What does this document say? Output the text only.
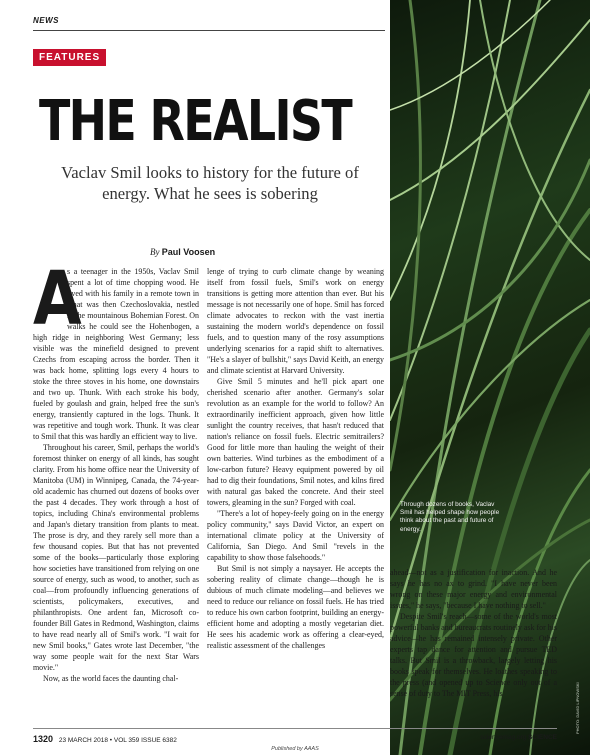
Through dozens of books, Vaclav Smil has helped shape how people think about the past and future of energy.
PHOTO: DAVID LIPNOWSKI
NEWS
FEATURES
THE REALIST
Vaclav Smil looks to history for the future of energy. What he sees is sobering
By Paul Voosen

A
s a teenager in the 1950s, Vaclav Smil spent a lot of time chopping wood. He lived with his family in a remote town in what was then Czechoslovakia, nestled in the mountainous Bohemian Forest. On walks he could see the Hohenbogen, a high ridge in neighboring West Germany; less visible was the minefield designed to prevent Czechs from escaping across the border. Then it was back home, splitting logs every 4 hours to stoke the three stoves in his home, one downstairs and two up. Thunk. With each stroke his body, fueled by goulash and grain, helped free the sun's energy, transiently captured in the logs. Thunk. It was repetitive and tough work. Thunk. It was clear to Smil that this was hardly an efficient way to live.

Throughout his career, Smil, perhaps the world's foremost thinker on energy of all kinds, has sought clarity. From his home office near the University of Manitoba (UM) in Winnipeg, Canada, the 74-year-old academic has churned out dozens of books over the past 4 decades. They work through a host of topics, including China's environmental problems and Japan's dietary transition from plants to meat. The prose is dry, and they rarely sell more than a few thousand copies. But that has not prevented some of the books—particularly those exploring how societies have transitioned from relying on one source of energy, such as wood, to another, such as coal—from profoundly influencing generations of scientists, policymakers, executives, and philanthropists. One ardent fan, Microsoft co-founder Bill Gates in Redmond, Washington, claims to have read nearly all of Smil's work. "I wait for new Smil books," Gates wrote last December, "the way some people wait for the next Star Wars movie."

Now, as the world faces the daunting chal-

lenge of trying to curb climate change by weaning itself from fossil fuels, Smil's work on energy transitions is getting more attention than ever. But his message is not necessarily one of hope. Smil has forced climate advocates to reckon with the vast inertia sustaining the modern world's dependence on fossil fuels, and to question many of the rosy assumptions underlying scenarios for a rapid shift to alternatives. "He's a slayer of bullshit," says David Keith, an energy and climate scientist at Harvard University.

Give Smil 5 minutes and he'll pick apart one cherished scenario after another. Germany's solar revolution as an example for the world to follow? An extraordinarily inefficient approach, given how little sunlight the country receives, that hasn't reduced that nation's reliance on fossil fuels. Electric semitrailers? Good for little more than hauling the weight of their own batteries. Wind turbines as the embodiment of a low-carbon future? Heavy equipment powered by oil had to dig their foundations, Smil notes, and kilns fired with natural gas baked the concrete. And their steel towers, gleaming in the sun? Forged with coal.

"There's a lot of hopey-feely going on in the energy policy community," says David Victor, an expert on international climate policy at the University of California, San Diego. And Smil "revels in the capability to show those falsehoods."

But Smil is not simply a naysayer. He accepts the sobering reality of climate change—though he is dubious of much climate modeling—and believes we need to reduce our reliance on fossil fuels. He has tried to reduce his own carbon footprint, building an energy-efficient home and adopting a mostly vegetarian diet. He sees his academic work as offering a clear-eyed, realistic assessment of the challenges

ahead—not as a justification for inaction. And he says he has no ax to grind. "I have never been wrong on these major energy and environmental issues," he says, "because I have nothing to sell."

Despite Smil's reach—some of the world's most powerful banks and bureaucrats routinely ask for his advice—he has remained intensely private. Other experts tap dance for attention and pursue TED talks. But Smil is a throwback, largely letting his books speak for themselves. He loathes speaking to the press (and opened up to Science only out of a sense of duty to The MIT Press, his

1320 23 MARCH 2018 • VOL 359 ISSUE 6382	sciencemag.org SCIENCE
Published by AAAS
